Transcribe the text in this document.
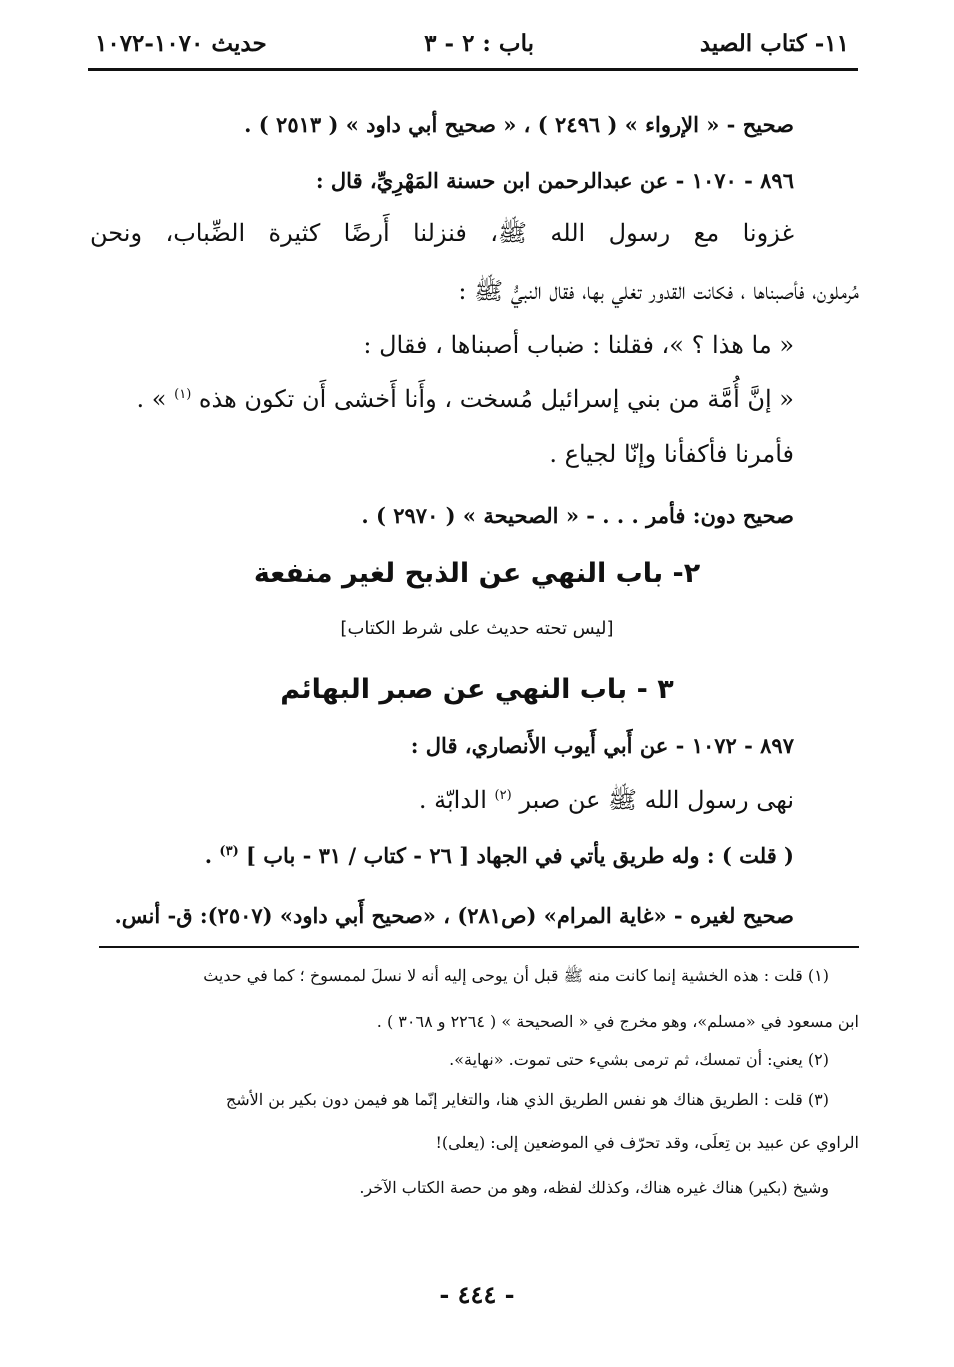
١١- كتاب الصيد
باب : ٢ - ٣
حديث ١٠٧٠-١٠٧٢
صحيح - « الإرواء » ( ٢٤٩٦ ) ، « صحيح أبي داود » ( ٢٥١٣ ) .
٨٩٦ - ١٠٧٠ - عن عبدالرحمن ابن حسنة المَهْرِيِّ، قال :
غزونا مع رسول الله ﷺ، فنزلنا أَرضًا كثيرة الضِّباب، ونحن
مُرملون، فأصبناها ، فكانت القدور تغلي بها، فقال النبيُّ ﷺ :
« ما هذا ؟ »، فقلنا : ضباب أصبناها ، فقال :
« إنَّ أُمَّة من بني إسرائيل مُسخت ، وأَنا أَخشى أَن تكون هذه $^{(١)}$ » .
فأمرنا فأكفأنا وإنّا لجياع .
صحيح دون: فأمر . . . - « الصحيحة » ( ٢٩٧٠ ) .
٢- باب النهي عن الذبح لغير منفعة
[ليس تحته حديث على شرط الكتاب]
٣ - باب النهي عن صبر البهائم
٨٩٧ - ١٠٧٢ - عن أَبي أَيوب الأَنصاري، قال :
نهى رسول الله ﷺ عن صبر $^{(٢)}$ الدابّة .
( قلت ) : وله طريق يأتي في الجهاد [ ٢٦ - كتاب / ٣١ - باب ] $^{(٣)}$ .
صحيح لغيره - «غاية المرام» (ص٢٨١) ، «صحيح أَبي داود» (٢٥٠٧): ق- أنس.
(١) قلت : هذه الخشية إنما كانت منه ﷺ قبل أن يوحى إليه أنه لا نسلَ لممسوخ ؛ كما في حديث
ابن مسعود في «مسلم»، وهو مخرج في « الصحيحة » ( ٢٢٦٤ و ٣٠٦٨ ) .
(٢) يعني: أن تمسك، ثم ترمى بشيء حتى تموت. «نهاية».
(٣) قلت : الطريق هناك هو نفس الطريق الذي هنا، والتغاير إنّما هو فيمن دون بكير بن الأشج
الراوي عن عبيد بن تِعلَى، وقد تحرّف في الموضعين إلى: (يعلى)!
وشيخ (بكير) هناك غيره هناك، وكذلك لفظه، وهو من حصة الكتاب الآخر.
- ٤٤٤ -
